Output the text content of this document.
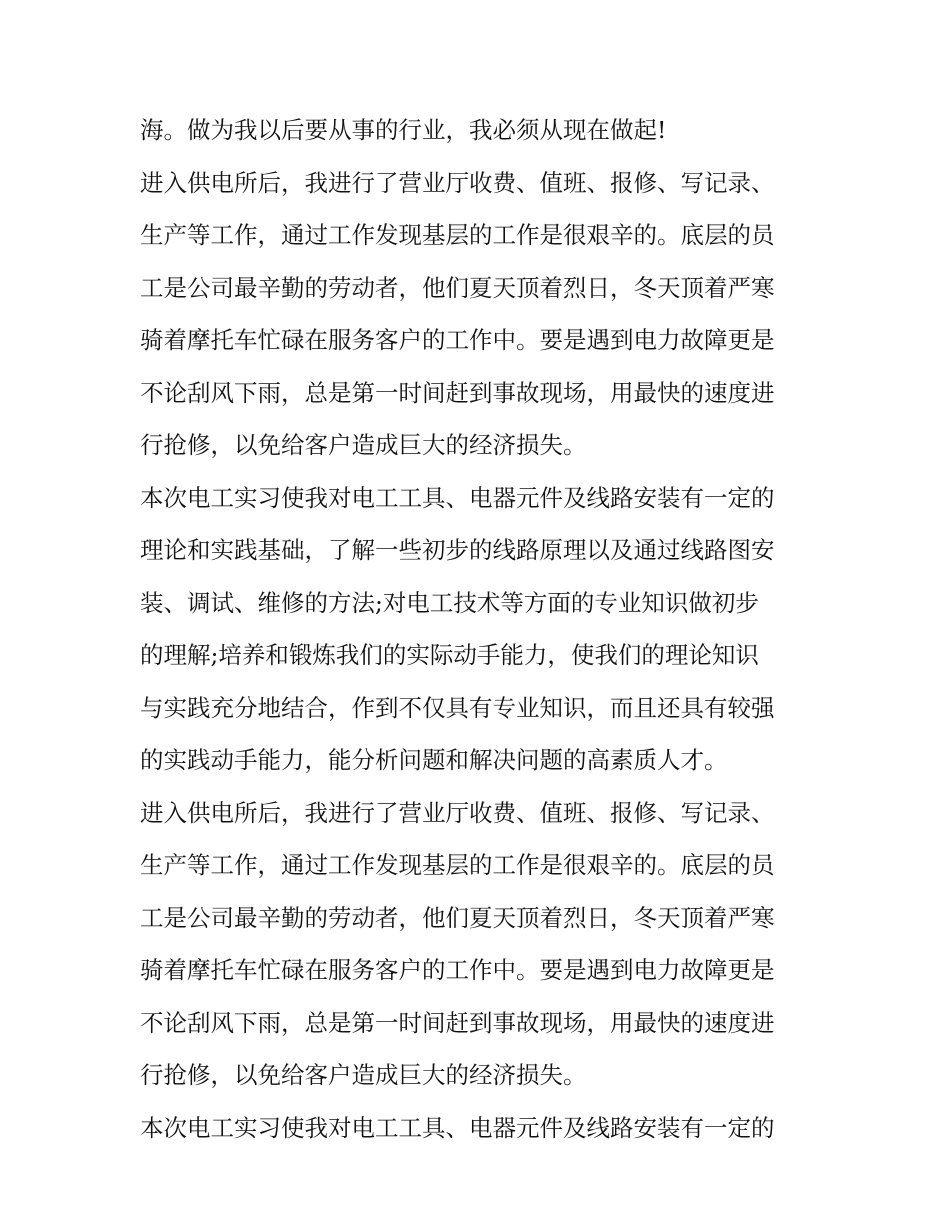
海。做为我以后要从事的行业，我必须从现在做起!
进入供电所后，我进行了营业厅收费、值班、报修、写记录、
生产等工作，通过工作发现基层的工作是很艰辛的。底层的员
工是公司最辛勤的劳动者，他们夏天顶着烈日，冬天顶着严寒
骑着摩托车忙碌在服务客户的工作中。要是遇到电力故障更是
不论刮风下雨，总是第一时间赶到事故现场，用最快的速度进
行抢修，以免给客户造成巨大的经济损失。
本次电工实习使我对电工工具、电器元件及线路安装有一定的
理论和实践基础，了解一些初步的线路原理以及通过线路图安
装、调试、维修的方法;对电工技术等方面的专业知识做初步
的理解;培养和锻炼我们的实际动手能力，使我们的理论知识
与实践充分地结合，作到不仅具有专业知识，而且还具有较强
的实践动手能力，能分析问题和解决问题的高素质人才。
进入供电所后，我进行了营业厅收费、值班、报修、写记录、
生产等工作，通过工作发现基层的工作是很艰辛的。底层的员
工是公司最辛勤的劳动者，他们夏天顶着烈日，冬天顶着严寒
骑着摩托车忙碌在服务客户的工作中。要是遇到电力故障更是
不论刮风下雨，总是第一时间赶到事故现场，用最快的速度进
行抢修，以免给客户造成巨大的经济损失。
本次电工实习使我对电工工具、电器元件及线路安装有一定的
